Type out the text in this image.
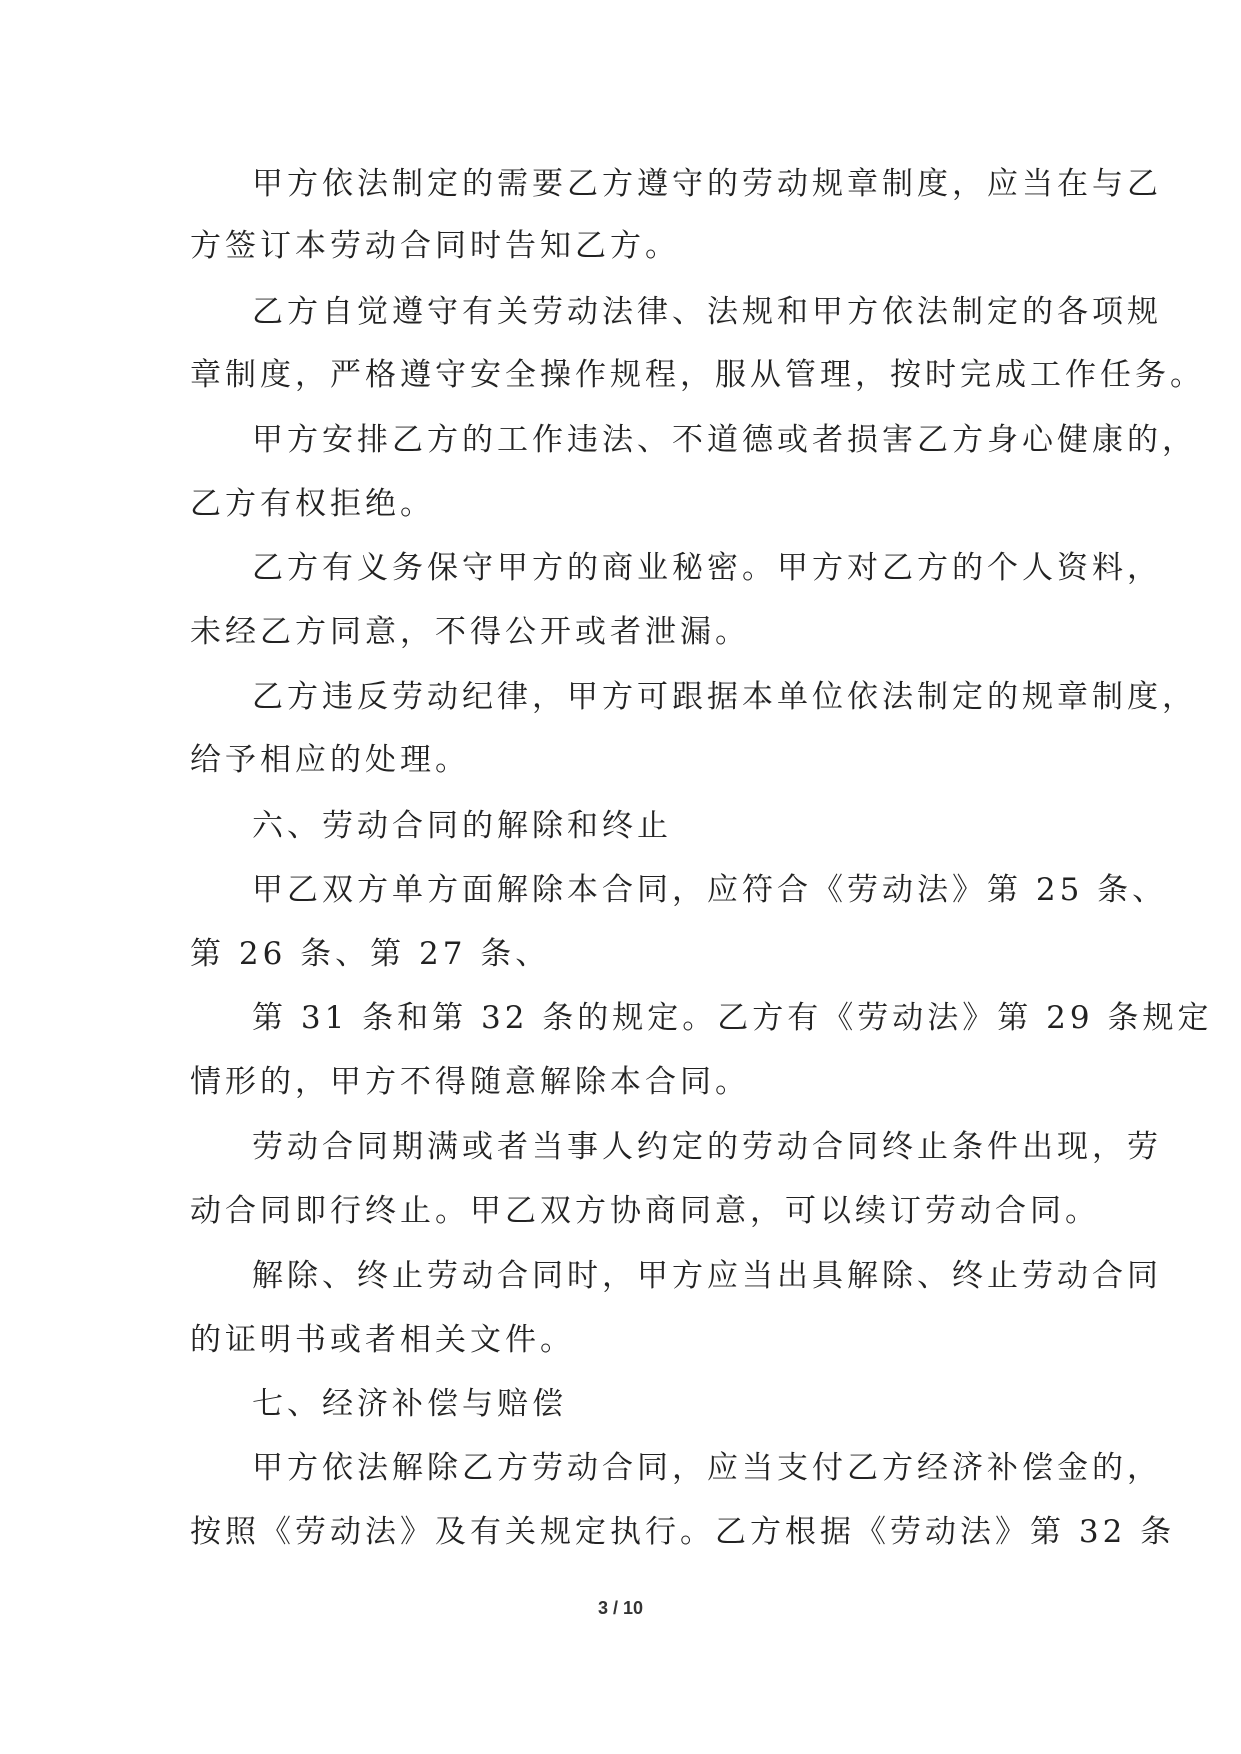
甲方依法制定的需要乙方遵守的劳动规章制度，应当在与乙
方签订本劳动合同时告知乙方。
乙方自觉遵守有关劳动法律、法规和甲方依法制定的各项规
章制度，严格遵守安全操作规程，服从管理，按时完成工作任务。
甲方安排乙方的工作违法、不道德或者损害乙方身心健康的，
乙方有权拒绝。
乙方有义务保守甲方的商业秘密。甲方对乙方的个人资料，
未经乙方同意，不得公开或者泄漏。
乙方违反劳动纪律，甲方可跟据本单位依法制定的规章制度，
给予相应的处理。
六、劳动合同的解除和终止
甲乙双方单方面解除本合同，应符合《劳动法》第 25 条、
第 26 条、第 27 条、
第 31 条和第 32 条的规定。乙方有《劳动法》第 29 条规定
情形的，甲方不得随意解除本合同。
劳动合同期满或者当事人约定的劳动合同终止条件出现，劳
动合同即行终止。甲乙双方协商同意，可以续订劳动合同。
解除、终止劳动合同时，甲方应当出具解除、终止劳动合同
的证明书或者相关文件。
七、经济补偿与赔偿
甲方依法解除乙方劳动合同，应当支付乙方经济补偿金的，
按照《劳动法》及有关规定执行。乙方根据《劳动法》第 32 条
3 / 10
